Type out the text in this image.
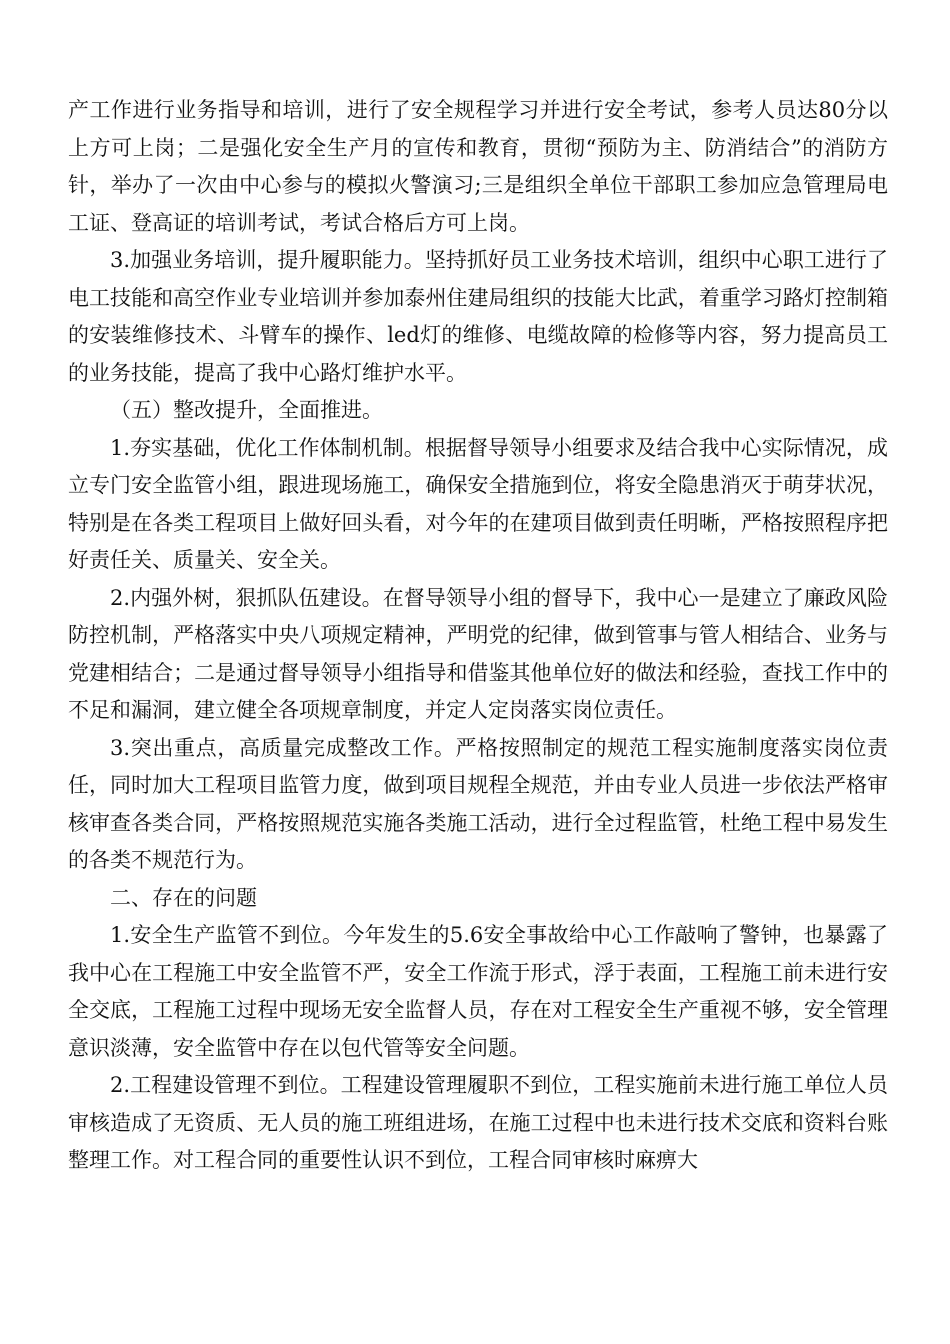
产工作进行业务指导和培训，进行了安全规程学习并进行安全考试，参考人员达80分以上方可上岗；二是强化安全生产月的宣传和教育，贯彻“预防为主、防消结合”的消防方针，举办了一次由中心参与的模拟火警演习;三是组织全单位干部职工参加应急管理局电工证、登高证的培训考试，考试合格后方可上岗。

3.加强业务培训，提升履职能力。坚持抓好员工业务技术培训，组织中心职工进行了电工技能和高空作业专业培训并参加泰州住建局组织的技能大比武，着重学习路灯控制箱的安装维修技术、斗臂车的操作、led灯的维修、电缆故障的检修等内容，努力提高员工的业务技能，提高了我中心路灯维护水平。

（五）整改提升，全面推进。

1.夯实基础，优化工作体制机制。根据督导领导小组要求及结合我中心实际情况，成立专门安全监管小组，跟进现场施工，确保安全措施到位，将安全隐患消灭于萌芽状况，特别是在各类工程项目上做好回头看，对今年的在建项目做到责任明晰，严格按照程序把好责任关、质量关、安全关。

2.内强外树，狠抓队伍建设。在督导领导小组的督导下，我中心一是建立了廉政风险防控机制，严格落实中央八项规定精神，严明党的纪律，做到管事与管人相结合、业务与党建相结合；二是通过督导领导小组指导和借鉴其他单位好的做法和经验，查找工作中的不足和漏洞，建立健全各项规章制度，并定人定岗落实岗位责任。

3.突出重点，高质量完成整改工作。严格按照制定的规范工程实施制度落实岗位责任，同时加大工程项目监管力度，做到项目规程全规范，并由专业人员进一步依法严格审核审查各类合同，严格按照规范实施各类施工活动，进行全过程监管，杜绝工程中易发生的各类不规范行为。

二、存在的问题

1.安全生产监管不到位。今年发生的5.6安全事故给中心工作敲响了警钟，也暴露了我中心在工程施工中安全监管不严，安全工作流于形式，浮于表面，工程施工前未进行安全交底，工程施工过程中现场无安全监督人员，存在对工程安全生产重视不够，安全管理意识淡薄，安全监管中存在以包代管等安全问题。

2.工程建设管理不到位。工程建设管理履职不到位，工程实施前未进行施工单位人员审核造成了无资质、无人员的施工班组进场，在施工过程中也未进行技术交底和资料台账整理工作。对工程合同的重要性认识不到位，工程合同审核时麻痹大
